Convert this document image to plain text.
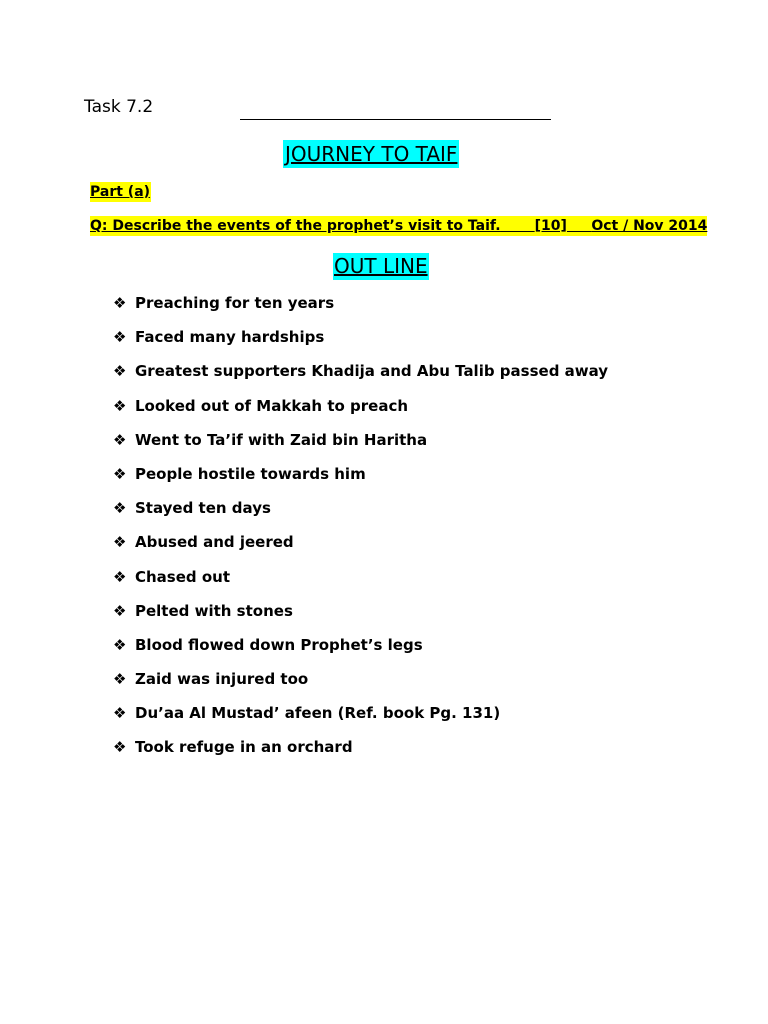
Task 7.2
JOURNEY TO TAIF
Part (a)
Q: Describe the events of the prophet’s visit to Taif.
[10]
Oct / Nov 2014
OUT LINE
❖ Preaching for ten years
❖ Faced many hardships
❖ Greatest supporters Khadija and Abu Talib passed away
❖ Looked out of Makkah to preach
❖ Went to Ta’if with Zaid bin Haritha
❖ People hostile towards him
❖ Stayed ten days
❖ Abused and jeered
❖ Chased out
❖ Pelted with stones
❖ Blood flowed down Prophet’s legs
❖ Zaid was injured too
❖ Du’aa Al Mustad’ afeen (Ref. book Pg. 131)
❖ Took refuge in an orchard
